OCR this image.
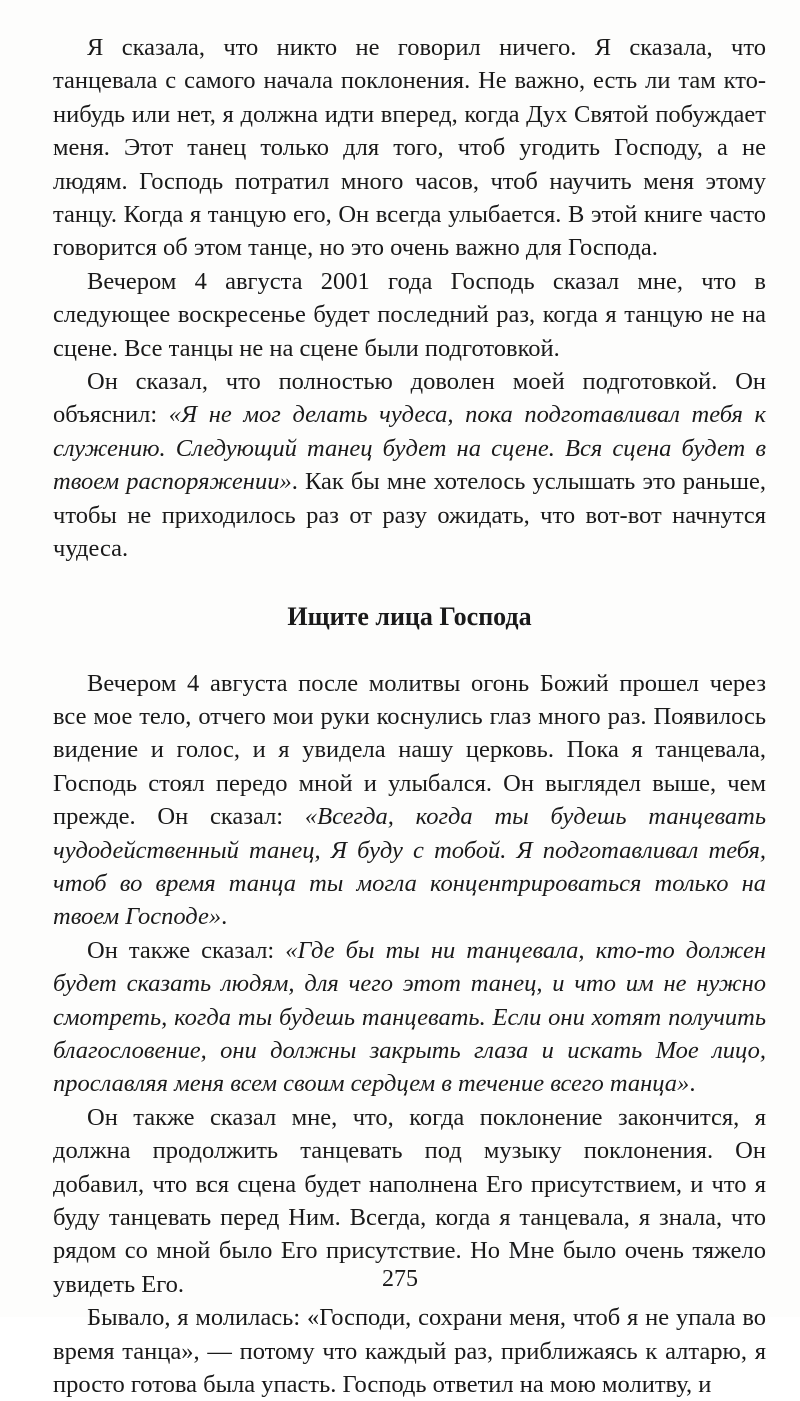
Я сказала, что никто не говорил ничего. Я сказала, что танцевала с самого начала поклонения. Не важно, есть ли там кто-нибудь или нет, я должна идти вперед, когда Дух Святой побуждает меня. Этот танец только для того, чтоб угодить Господу, а не людям. Господь потратил много часов, чтоб научить меня этому танцу. Когда я танцую его, Он всегда улыбается. В этой книге часто говорится об этом танце, но это очень важно для Господа.

Вечером 4 августа 2001 года Господь сказал мне, что в следующее воскресенье будет последний раз, когда я танцую не на сцене. Все танцы не на сцене были подготовкой.

Он сказал, что полностью доволен моей подготовкой. Он объяснил: «Я не мог делать чудеса, пока подготавливал тебя к служению. Следующий танец будет на сцене. Вся сцена будет в твоем распоряжении». Как бы мне хотелось услышать это раньше, чтобы не приходилось раз от разу ожидать, что вот-вот начнутся чудеса.

Ищите лица Господа

Вечером 4 августа после молитвы огонь Божий прошел через все мое тело, отчего мои руки коснулись глаз много раз. Появилось видение и голос, и я увидела нашу церковь. Пока я танцевала, Господь стоял передо мной и улыбался. Он выглядел выше, чем прежде. Он сказал: «Всегда, когда ты будешь танцевать чудодейственный танец, Я буду с тобой. Я подготавливал тебя, чтоб во время танца ты могла концентрироваться только на твоем Господе».

Он также сказал: «Где бы ты ни танцевала, кто-то должен будет сказать людям, для чего этот танец, и что им не нужно смотреть, когда ты будешь танцевать. Если они хотят получить благословение, они должны закрыть глаза и искать Мое лицо, прославляя меня всем своим сердцем в течение всего танца».

Он также сказал мне, что, когда поклонение закончится, я должна продолжить танцевать под музыку поклонения. Он добавил, что вся сцена будет наполнена Его присутствием, и что я буду танцевать перед Ним. Всегда, когда я танцевала, я знала, что рядом со мной было Его присутствие. Но Мне было очень тяжело увидеть Его.

Бывало, я молилась: «Господи, сохрани меня, чтоб я не упала во время танца», — потому что каждый раз, приближаясь к алтарю, я просто готова была упасть. Господь ответил на мою молитву, и

275
